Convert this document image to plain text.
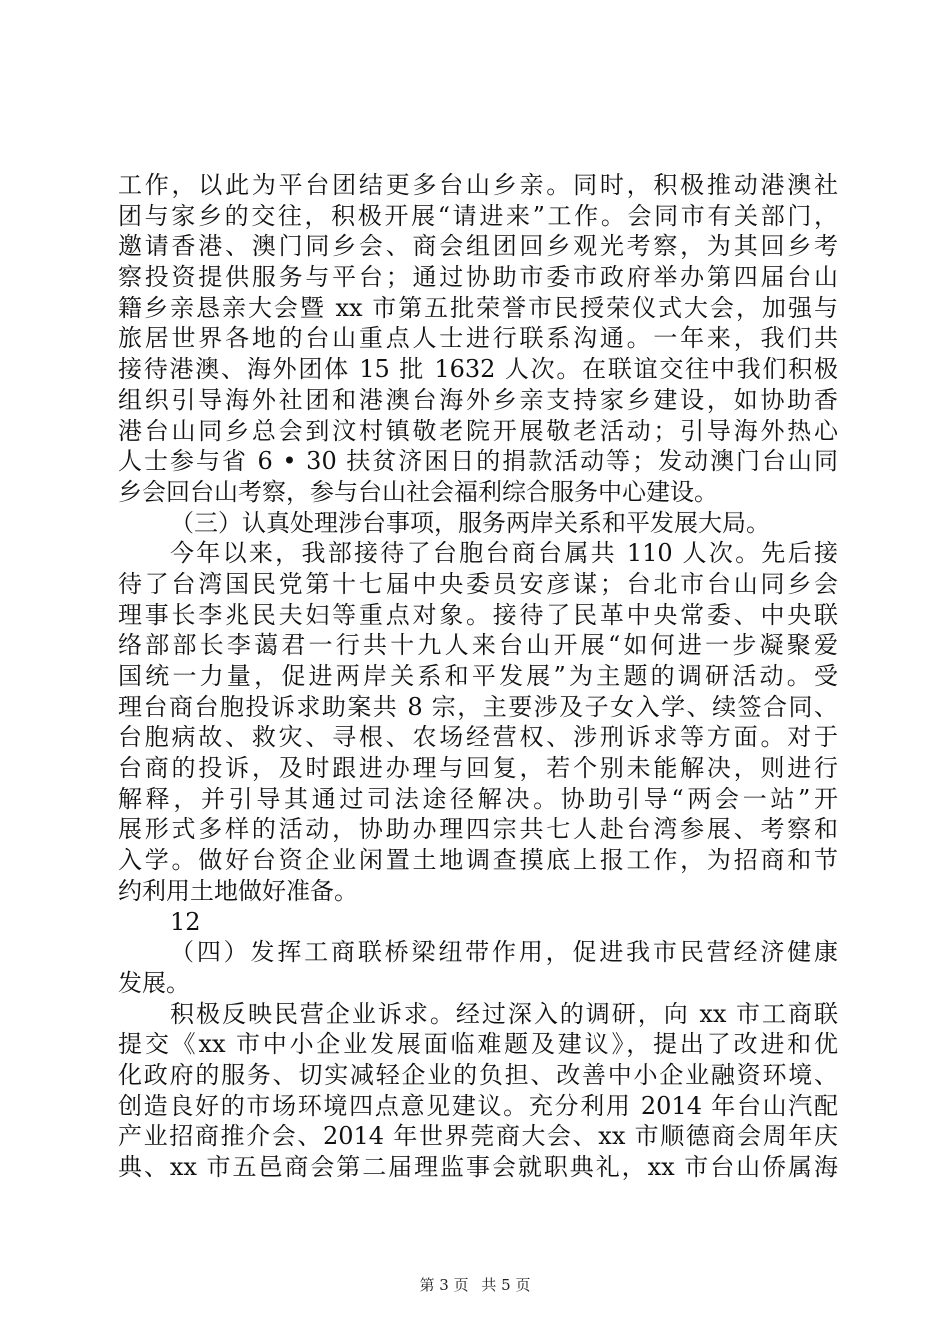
工作，以此为平台团结更多台山乡亲。同时，积极推动港澳社
团与家乡的交往，积极开展“请进来”工作。会同市有关部门，
邀请香港、澳门同乡会、商会组团回乡观光考察，为其回乡考
察投资提供服务与平台；通过协助市委市政府举办第四届台山
籍乡亲恳亲大会暨 xx 市第五批荣誉市民授荣仪式大会，加强与
旅居世界各地的台山重点人士进行联系沟通。一年来，我们共
接待港澳、海外团体 15 批 1632 人次。在联谊交往中我们积极
组织引导海外社团和港澳台海外乡亲支持家乡建设，如协助香
港台山同乡总会到汶村镇敬老院开展敬老活动；引导海外热心
人士参与省 6 • 30 扶贫济困日的捐款活动等；发动澳门台山同
乡会回台山考察，参与台山社会福利综合服务中心建设。
（三）认真处理涉台事项，服务两岸关系和平发展大局。
今年以来，我部接待了台胞台商台属共 110 人次。先后接
待了台湾国民党第十七届中央委员安彦谋；台北市台山同乡会
理事长李兆民夫妇等重点对象。接待了民革中央常委、中央联
络部部长李蔼君一行共十九人来台山开展“如何进一步凝聚爱
国统一力量，促进两岸关系和平发展”为主题的调研活动。受
理台商台胞投诉求助案共 8 宗，主要涉及子女入学、续签合同、
台胞病故、救灾、寻根、农场经营权、涉刑诉求等方面。对于
台商的投诉，及时跟进办理与回复，若个别未能解决，则进行
解释，并引导其通过司法途径解决。协助引导“两会一站”开
展形式多样的活动，协助办理四宗共七人赴台湾参展、考察和
入学。做好台资企业闲置土地调查摸底上报工作，为招商和节
约利用土地做好准备。
12
（四）发挥工商联桥梁纽带作用，促进我市民营经济健康
发展。
积极反映民营企业诉求。经过深入的调研，向 xx 市工商联
提交《xx 市中小企业发展面临难题及建议》，提出了改进和优
化政府的服务、切实减轻企业的负担、改善中小企业融资环境、
创造良好的市场环境四点意见建议。充分利用 2014 年台山汽配
产业招商推介会、2014 年世界莞商大会、xx 市顺德商会周年庆
典、xx 市五邑商会第二届理监事会就职典礼，xx 市台山侨属海
第 3 页 共 5 页
